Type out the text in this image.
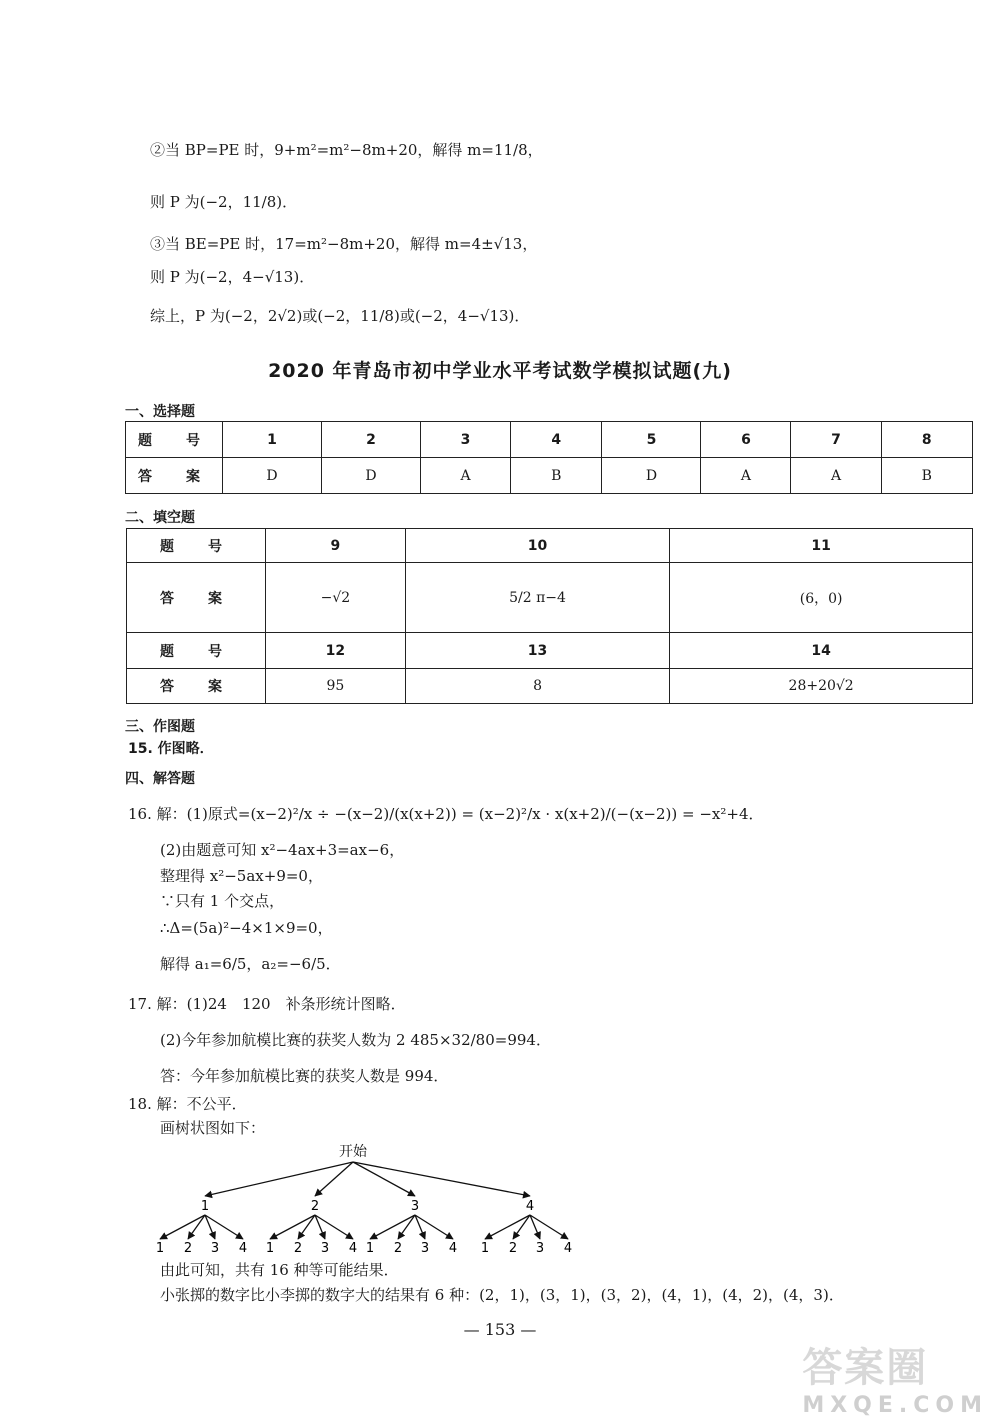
②当 BP=PE 时，9+m²=m²−8m+20，解得 m=11/8，
则 P 为(−2，11/8)．
③当 BE=PE 时，17=m²−8m+20，解得 m=4±√13，
则 P 为(−2，4−√13)．
综上，P 为(−2，2√2)或(−2，11/8)或(−2，4−√13)．
2020 年青岛市初中学业水平考试数学模拟试题(九)
一、选择题
题　号	1	2	3	4	5	6	7	8
答　案	D	D	A	B	D	A	A	B
二、填空题
题　号	9	10	11
答　案	−√2	5/2 π−4	(6，0)
题　号	12	13	14
答　案	95	8	28+20√2
三、作图题
15. 作图略．
四、解答题
16. 解：(1)原式=(x−2)²/x ÷ −(x−2)/(x(x+2)) = (x−2)²/x · x(x+2)/(−(x−2)) = −x²+4．
(2)由题意可知 x²−4ax+3=ax−6，
整理得 x²−5ax+9=0，
∵只有 1 个交点，
∴Δ=(5a)²−4×1×9=0，
解得 a₁=6/5，a₂=−6/5．
17. 解：(1)24　120　补条形统计图略．
(2)今年参加航模比赛的获奖人数为 2 485×32/80=994．
答：今年参加航模比赛的获奖人数是 994．
18. 解：不公平．
画树状图如下：
开始
1
1 2 3 4
2
1 2 3 4
3
1 2 3 4
4
1 2 3 4
由此可知，共有 16 种等可能结果．
小张掷的数字比小李掷的数字大的结果有 6 种：(2，1)，(3，1)，(3，2)，(4，1)，(4，2)，(4，3)．
— 153 —
答案圈
MXQE.COM
